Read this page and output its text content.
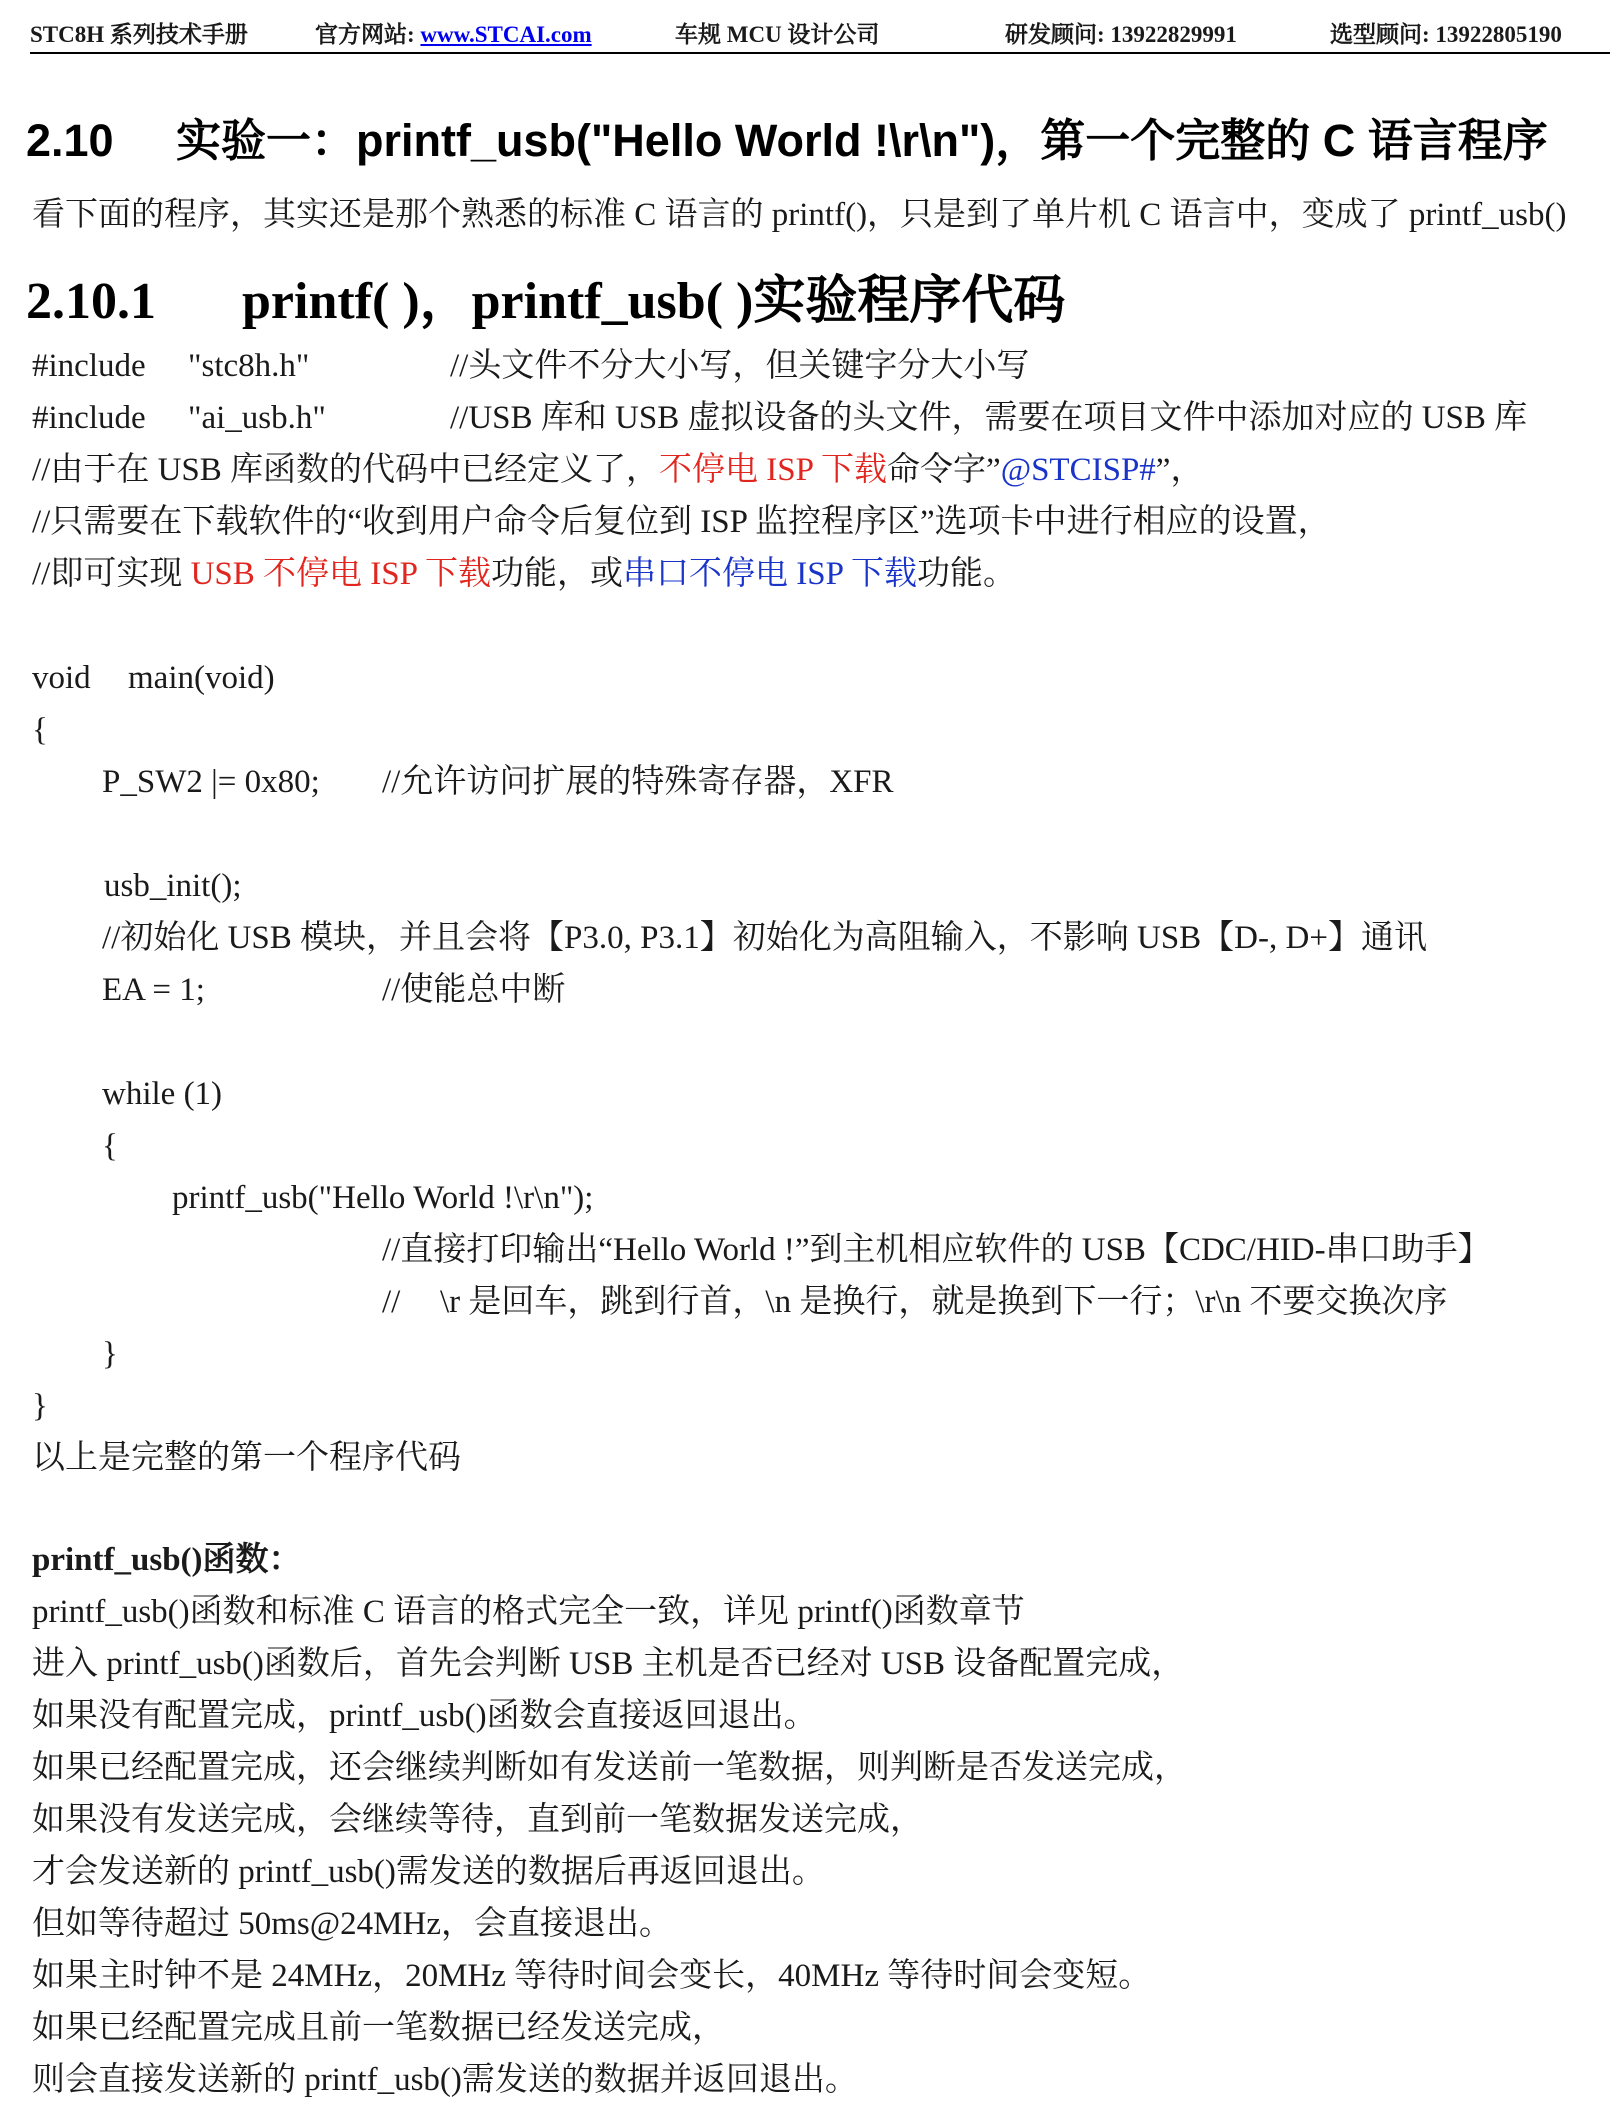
STC8H 系列技术手册	官方网站: www.STCAI.com	车规 MCU 设计公司	研发顾问: 13922829991	选型顾问: 13922805190
2.10 实验一：printf_usb("Hello World !\r\n")，第一个完整的 C 语言程序
看下面的程序，其实还是那个熟悉的标准 C 语言的 printf()，只是到了单片机 C 语言中，变成了 printf_usb()
2.10.1 printf( )，printf_usb( )实验程序代码
#include "stc8h.h"	//头文件不分大小写，但关键字分大小写
#include "ai_usb.h"	//USB 库和 USB 虚拟设备的头文件，需要在项目文件中添加对应的 USB 库
//由于在 USB 库函数的代码中已经定义了，不停电 ISP 下载命令字”@STCISP#”，
//只需要在下载软件的“收到用户命令后复位到 ISP 监控程序区”选项卡中进行相应的设置，
//即可实现 USB 不停电 ISP 下载功能，或串口不停电 ISP 下载功能。
void main(void)
{
P_SW2 |= 0x80; //允许访问扩展的特殊寄存器，XFR
usb_init();
//初始化 USB 模块，并且会将【P3.0, P3.1】初始化为高阻输入，不影响 USB【D-, D+】通讯
EA = 1;	//使能总中断
while (1)
{
printf_usb("Hello World !\r\n");
//直接打印输出“Hello World !”到主机相应软件的 USB【CDC/HID-串口助手】
// \r 是回车，跳到行首，\n 是换行，就是换到下一行；\r\n 不要交换次序
}
}
以上是完整的第一个程序代码
printf_usb()函数：
printf_usb()函数和标准 C 语言的格式完全一致，详见 printf()函数章节
进入 printf_usb()函数后，首先会判断 USB 主机是否已经对 USB 设备配置完成，
如果没有配置完成，printf_usb()函数会直接返回退出。
如果已经配置完成，还会继续判断如有发送前一笔数据，则判断是否发送完成，
如果没有发送完成，会继续等待，直到前一笔数据发送完成，
才会发送新的 printf_usb()需发送的数据后再返回退出。
但如等待超过 50ms@24MHz，会直接退出。
如果主时钟不是 24MHz，20MHz 等待时间会变长，40MHz 等待时间会变短。
如果已经配置完成且前一笔数据已经发送完成，
则会直接发送新的 printf_usb()需发送的数据并返回退出。
